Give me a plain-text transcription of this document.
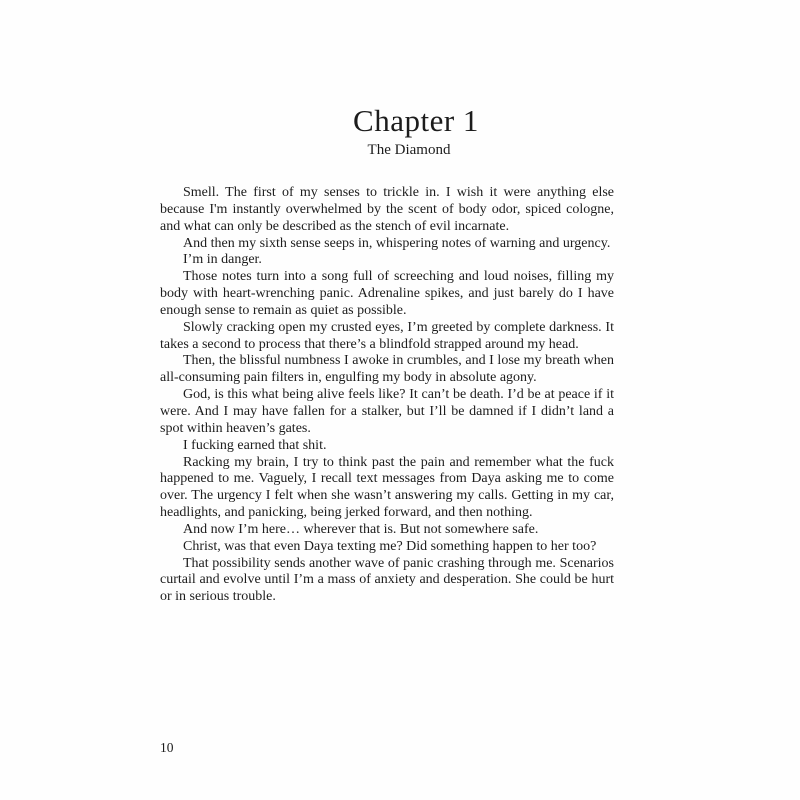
Chapter 1
The Diamond

Smell. The first of my senses to trickle in. I wish it were anything else because I'm instantly overwhelmed by the scent of body odor, spiced cologne, and what can only be described as the stench of evil incarnate.

And then my sixth sense seeps in, whispering notes of warning and urgency.

I’m in danger.

Those notes turn into a song full of screeching and loud noises, filling my body with heart-wrenching panic. Adrenaline spikes, and just barely do I have enough sense to remain as quiet as possible.

Slowly cracking open my crusted eyes, I’m greeted by complete darkness. It takes a second to process that there’s a blindfold strapped around my head.

Then, the blissful numbness I awoke in crumbles, and I lose my breath when all-consuming pain filters in, engulfing my body in absolute agony.

God, is this what being alive feels like? It can’t be death. I’d be at peace if it were. And I may have fallen for a stalker, but I’ll be damned if I didn’t land a spot within heaven’s gates.

I fucking earned that shit.

Racking my brain, I try to think past the pain and remember what the fuck happened to me. Vaguely, I recall text messages from Daya asking me to come over. The urgency I felt when she wasn’t answering my calls. Getting in my car, headlights, and panicking, being jerked forward, and then nothing.

And now I’m here… wherever that is. But not somewhere safe.

Christ, was that even Daya texting me? Did something happen to her too?

That possibility sends another wave of panic crashing through me. Scenarios curtail and evolve until I’m a mass of anxiety and desperation. She could be hurt or in serious trouble.

10
